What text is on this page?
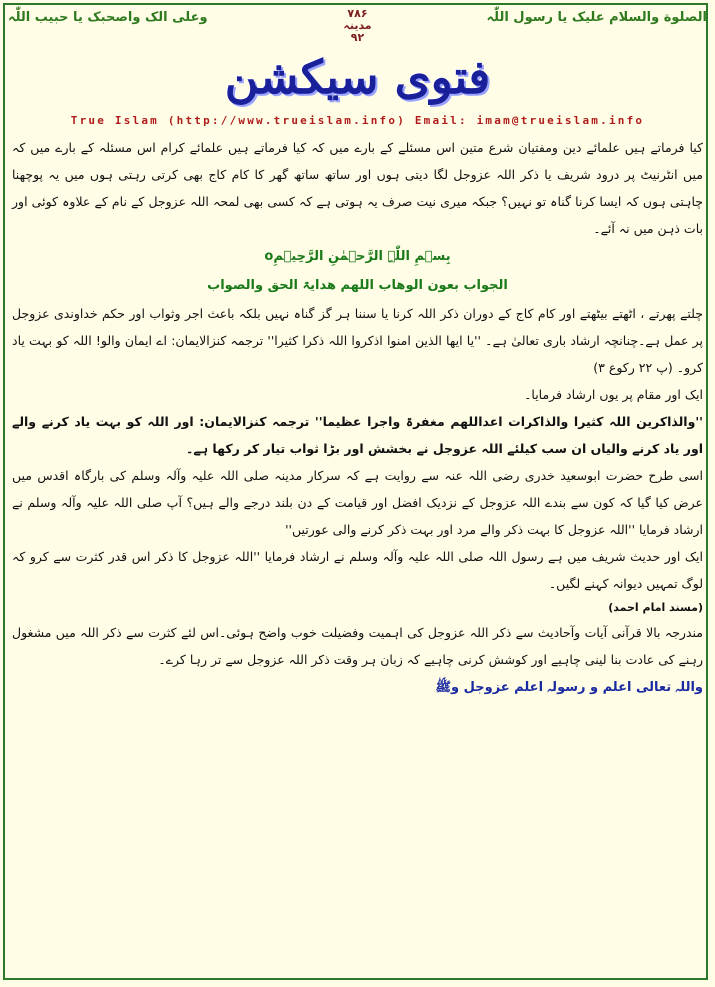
وعلی الک واصحبک یا حبیب اللّٰہ	۷۸۶
مدینہ
۹۲
الصلوة والسلام علیک یا رسول اللّٰہ
فتوی سیکشن
True Islam (http://www.trueislam.info) Email: imam@trueislam.info

کیا فرماتے ہیں علمائے دین ومفتیان شرع متین اس مسئلے کے بارے میں کہ کیا فرماتے ہیں علمائے کرام اس مسئلہ کے بارے میں کہ میں انٹرنیٹ پر درود شریف یا ذکر اللہ عزوجل لگا دیتی ہوں اور ساتھ ساتھ گھر کا کام کاج بھی کرتی رہتی ہوں میں یہ پوچھنا چاہتی ہوں کہ ایسا کرنا گناہ تو نہیں؟ جبکہ میری نیت صرف یہ ہوتی ہے کہ کسی بھی لمحہ اللہ عزوجل کے نام کے علاوہ کوئی اور بات ذہن میں نہ آئے۔

بِسۡمِ اللّٰہِ الرَّحۡمٰنِ الرَّحِیۡمِo
الجواب بعون الوھاب اللھم ھدایۃ الحق والصواب

چلتے پھرتے ، اٹھتے بیٹھتے اور کام کاج کے دوران ذکر اللہ کرنا یا سننا ہر گز گناہ نہیں بلکہ باعث اجر وثواب اور حکم خداوندی عزوجل پر عمل ہے۔چنانچہ ارشاد باری تعالیٰ ہے۔ ''یا ایھا الذین امنوا اذکروا اللہ ذکرا کثیرا'' ترجمہ کنزالایمان: اے ایمان والو! اللہ کو بہت یاد کرو۔ (پ ۲۲ رکوع ۳)

ایک اور مقام پر یوں ارشاد فرمایا۔

''والذاکرین اللہ کثیرا والذاکرات اعداللھم مغفرۃ واجرا عظیما'' ترجمہ کنزالایمان: اور اللہ کو بہت یاد کرنے والے اور یاد کرنے والیاں ان سب کیلئے اللہ عزوجل نے بخشش اور بڑا ثواب تیار کر رکھا ہے۔

اسی طرح حضرت ابوسعید خدری رضی اللہ عنہ سے روایت ہے کہ سرکار مدینہ صلی اللہ علیہ وآلہ وسلم کی بارگاہ اقدس میں عرض کیا گیا کہ کون سے بندے اللہ عزوجل کے نزدیک افضل اور قیامت کے دن بلند درجے والے ہیں؟ آپ صلی اللہ علیہ وآلہ وسلم نے ارشاد فرمایا ''اللہ عزوجل کا بہت ذکر والے مرد اور بہت ذکر کرنے والی عورتیں''

ایک اور حدیث شریف میں ہے رسول اللہ صلی اللہ علیہ وآلہ وسلم نے ارشاد فرمایا ''اللہ عزوجل کا ذکر اس قدر کثرت سے کرو کہ لوگ تمہیں دیوانہ کہنے لگیں۔

(مسند امام احمد)

مندرجہ بالا قرآنی آیات وآحادیث سے ذکر اللہ عزوجل کی اہمیت وفضیلت خوب واضح ہوئی۔اس لئے کثرت سے ذکر اللہ میں مشغول رہنے کی عادت بنا لینی چاہیے اور کوشش کرنی چاہیے کہ زبان ہر وقت ذکر اللہ عزوجل سے تر رہا کرے۔

واللہ تعالی اعلم و رسولہ اعلم عزوجل وﷺ
